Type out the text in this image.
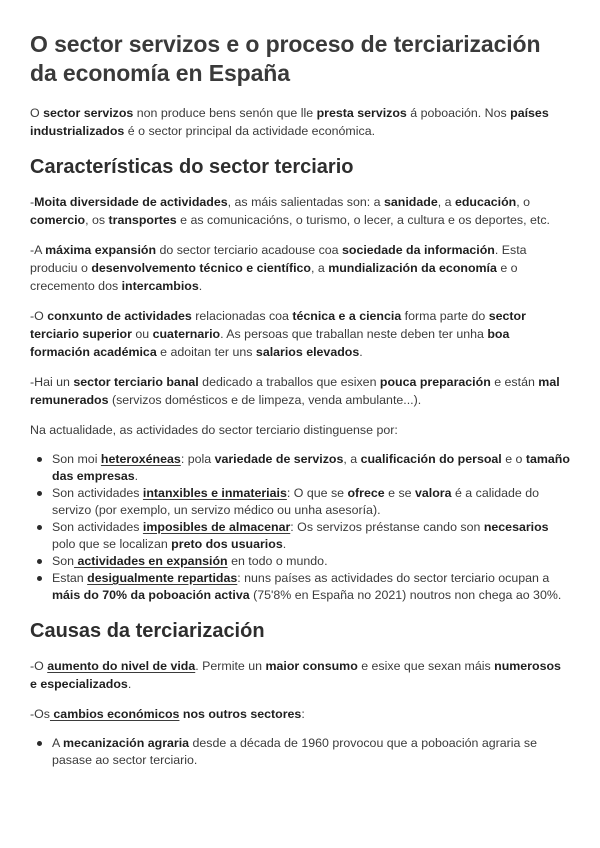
O sector servizos e o proceso de terciarización da economía en España

O sector servizos non produce bens senón que lle presta servizos á poboación. Nos países industrializados é o sector principal da actividade económica.

Características do sector terciario

-Moita diversidade de actividades, as máis salientadas son: a sanidade, a educación, o comercio, os transportes e as comunicacións, o turismo, o lecer, a cultura e os deportes, etc.

-A máxima expansión do sector terciario acadouse coa sociedade da información. Esta produciu o desenvolvemento técnico e científico, a mundialización da economía e o crecemento dos intercambios.

-O conxunto de actividades relacionadas coa técnica e a ciencia forma parte do sector terciario superior ou cuaternario. As persoas que traballan neste deben ter unha boa formación académica e adoitan ter uns salarios elevados.

-Hai un sector terciario banal dedicado a traballos que esixen pouca preparación e están mal remunerados (servizos domésticos e de limpeza, venda ambulante...).

Na actualidade, as actividades do sector terciario distinguense por:

Son moi heteroxéneas: pola variedade de servizos, a cualificación do persoal e o tamaño das empresas.
Son actividades intanxibles e inmateriais: O que se ofrece e se valora é a calidade do servizo (por exemplo, un servizo médico ou unha asesoría).
Son actividades imposibles de almacenar: Os servizos préstanse cando son necesarios polo que se localizan preto dos usuarios.
Son actividades en expansión en todo o mundo.
Estan desigualmente repartidas: nuns países as actividades do sector terciario ocupan a máis do 70% da poboación activa (75'8% en España no 2021) noutros non chega ao 30%.
Causas da terciarización

-O aumento do nivel de vida. Permite un maior consumo e esixe que sexan máis numerosos e especializados.

-Os cambios económicos nos outros sectores:

A mecanización agraria desde a década de 1960 provocou que a poboación agraria se pasase ao sector terciario.
